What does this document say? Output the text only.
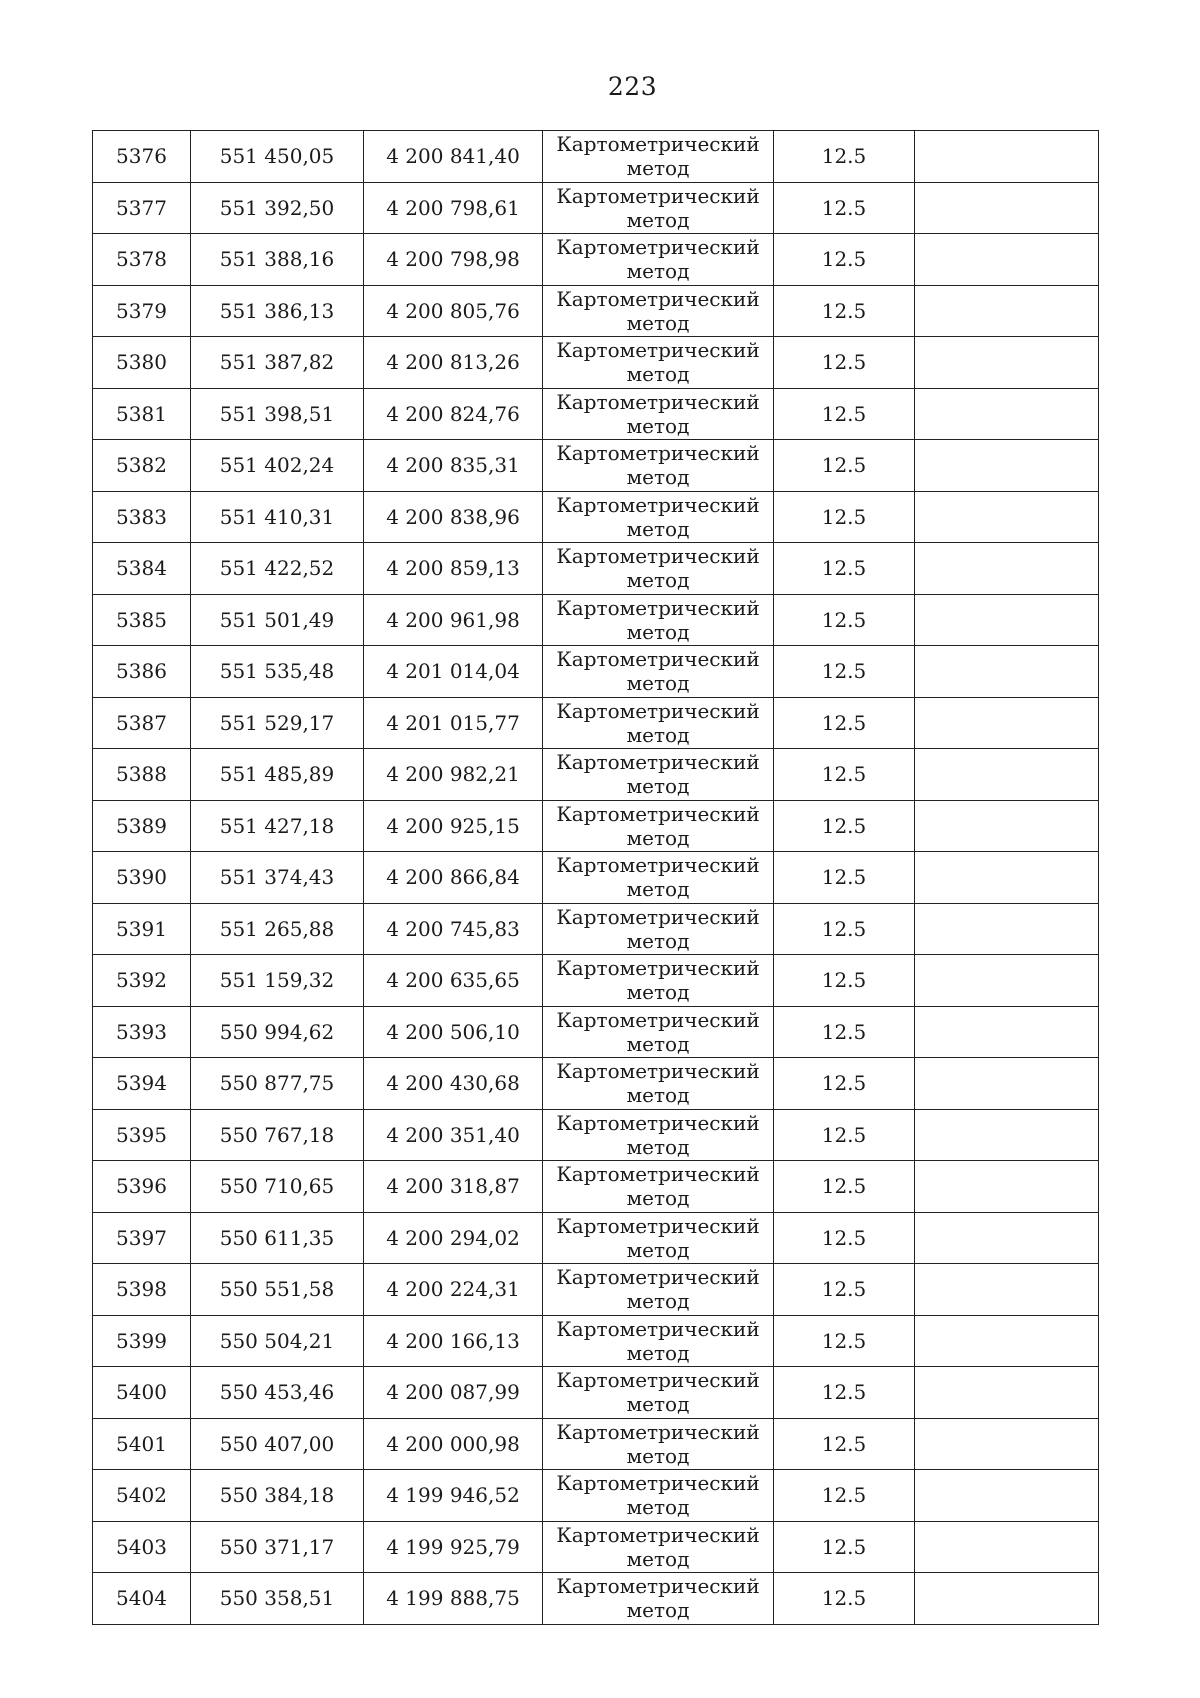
223
5376	551 450,05	4 200 841,40	Картометрический
метод	12.5	
5377	551 392,50	4 200 798,61	Картометрический
метод	12.5	
5378	551 388,16	4 200 798,98	Картометрический
метод	12.5	
5379	551 386,13	4 200 805,76	Картометрический
метод	12.5	
5380	551 387,82	4 200 813,26	Картометрический
метод	12.5	
5381	551 398,51	4 200 824,76	Картометрический
метод	12.5	
5382	551 402,24	4 200 835,31	Картометрический
метод	12.5	
5383	551 410,31	4 200 838,96	Картометрический
метод	12.5	
5384	551 422,52	4 200 859,13	Картометрический
метод	12.5	
5385	551 501,49	4 200 961,98	Картометрический
метод	12.5	
5386	551 535,48	4 201 014,04	Картометрический
метод	12.5	
5387	551 529,17	4 201 015,77	Картометрический
метод	12.5	
5388	551 485,89	4 200 982,21	Картометрический
метод	12.5	
5389	551 427,18	4 200 925,15	Картометрический
метод	12.5	
5390	551 374,43	4 200 866,84	Картометрический
метод	12.5	
5391	551 265,88	4 200 745,83	Картометрический
метод	12.5	
5392	551 159,32	4 200 635,65	Картометрический
метод	12.5	
5393	550 994,62	4 200 506,10	Картометрический
метод	12.5	
5394	550 877,75	4 200 430,68	Картометрический
метод	12.5	
5395	550 767,18	4 200 351,40	Картометрический
метод	12.5	
5396	550 710,65	4 200 318,87	Картометрический
метод	12.5	
5397	550 611,35	4 200 294,02	Картометрический
метод	12.5	
5398	550 551,58	4 200 224,31	Картометрический
метод	12.5	
5399	550 504,21	4 200 166,13	Картометрический
метод	12.5	
5400	550 453,46	4 200 087,99	Картометрический
метод	12.5	
5401	550 407,00	4 200 000,98	Картометрический
метод	12.5	
5402	550 384,18	4 199 946,52	Картометрический
метод	12.5	
5403	550 371,17	4 199 925,79	Картометрический
метод	12.5	
5404	550 358,51	4 199 888,75	Картометрический
метод	12.5	
